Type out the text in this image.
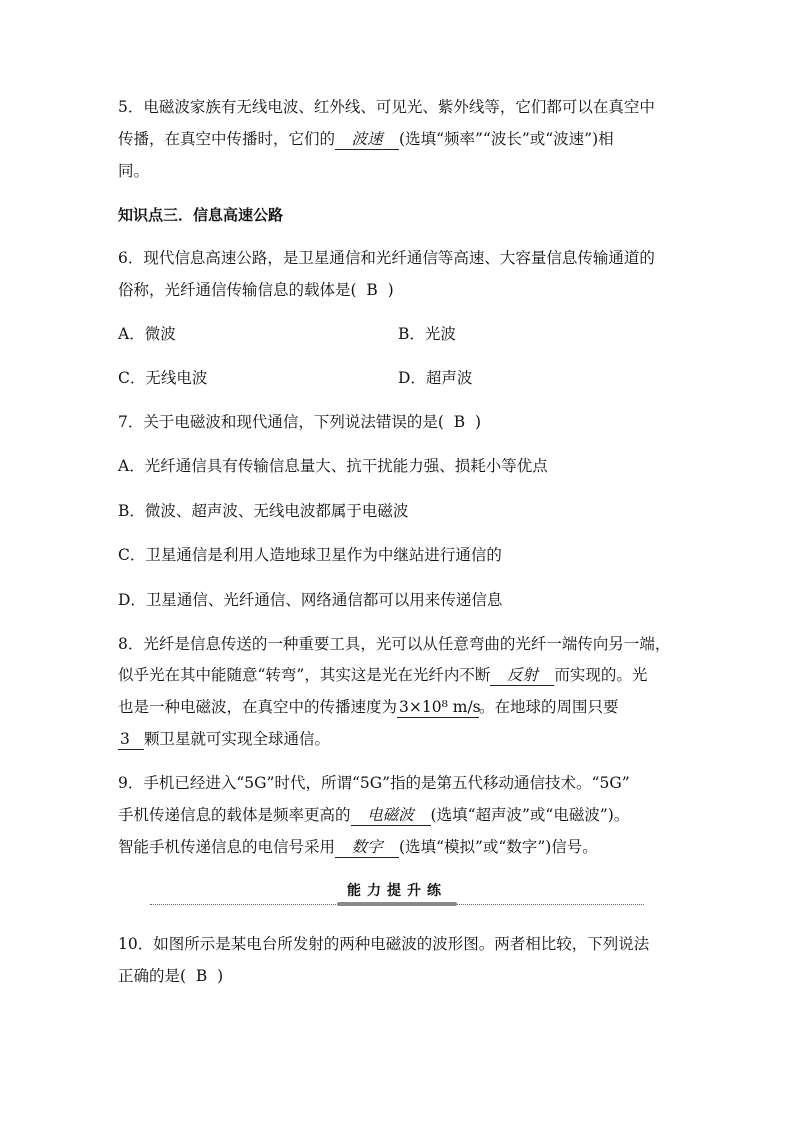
5．电磁波家族有无线电波、红外线、可见光、紫外线等，它们都可以在真空中
传播，在真空中传播时，它们的 波速 (选填“频率”“波长”或“波速”)相
同。
知识点三．信息高速公路
6．现代信息高速公路，是卫星通信和光纤通信等高速、大容量信息传输通道的
俗称，光纤通信传输信息的载体是( B )
A．微波	B．光波
C．无线电波	D．超声波
7．关于电磁波和现代通信，下列说法错误的是( B )
A．光纤通信具有传输信息量大、抗干扰能力强、损耗小等优点
B．微波、超声波、无线电波都属于电磁波
C．卫星通信是利用人造地球卫星作为中继站进行通信的
D．卫星通信、光纤通信、网络通信都可以用来传递信息
8．光纤是信息传送的一种重要工具，光可以从任意弯曲的光纤一端传向另一端，
似乎光在其中能随意“转弯”，其实这是光在光纤内不断 反射 而实现的。光
也是一种电磁波，在真空中的传播速度为 3×10⁸ m/s。在地球的周围只要
3 颗卫星就可实现全球通信。
9．手机已经进入“5G”时代，所谓“5G”指的是第五代移动通信技术。“5G”
手机传递信息的载体是频率更高的 电磁波 (选填“超声波”或“电磁波”)。
智能手机传递信息的电信号采用 数字 (选填“模拟”或“数字”)信号。
能力提升练
10．如图所示是某电台所发射的两种电磁波的波形图。两者相比较，下列说法
正确的是( B )
